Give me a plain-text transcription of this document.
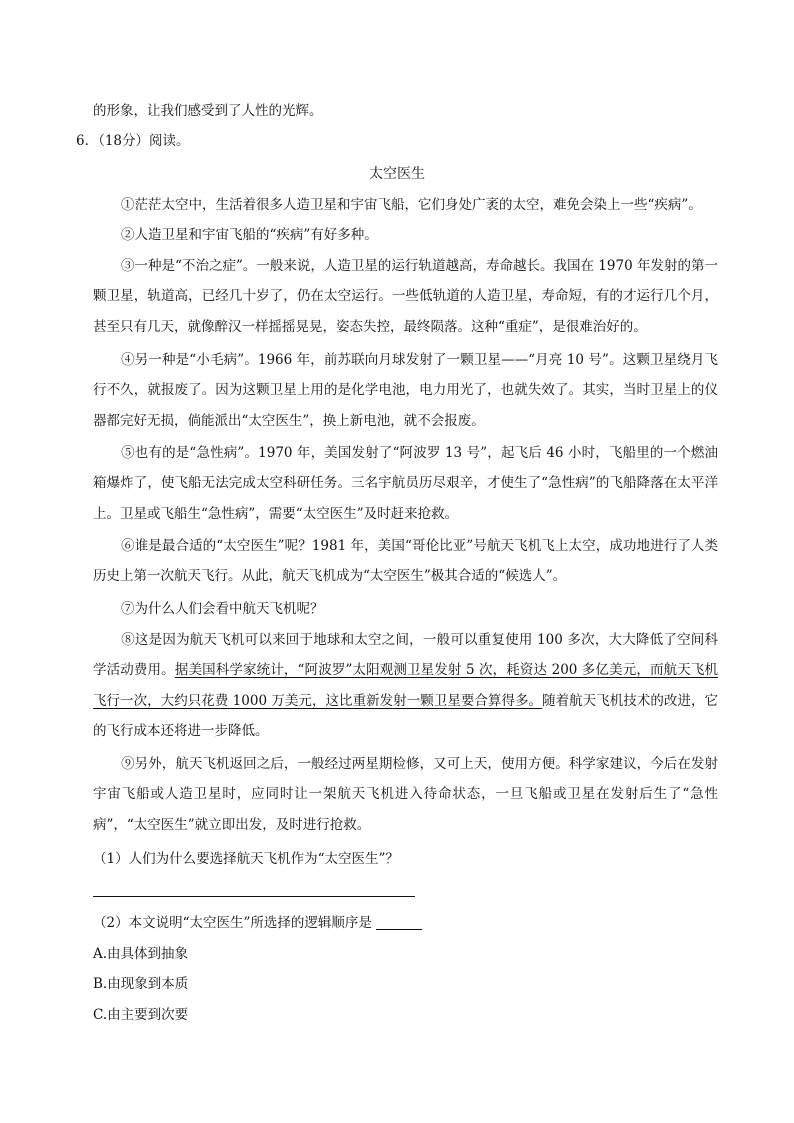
的形象，让我们感受到了人性的光辉。
6．（18分）阅读。
太空医生
①茫茫太空中，生活着很多人造卫星和宇宙飞船，它们身处广袤的太空，难免会染上一些“疾病”。
②人造卫星和宇宙飞船的“疾病”有好多种。
③一种是“不治之症”。一般来说，人造卫星的运行轨道越高，寿命越长。我国在 1970 年发射的第一颗卫星，轨道高，已经几十岁了，仍在太空运行。一些低轨道的人造卫星，寿命短，有的才运行几个月，甚至只有几天，就像醉汉一样摇摇晃晃，姿态失控，最终陨落。这种“重症”，是很难治好的。
④另一种是“小毛病”。1966 年，前苏联向月球发射了一颗卫星——“月亮 10 号”。这颗卫星绕月飞行不久，就报废了。因为这颗卫星上用的是化学电池，电力用光了，也就失效了。其实，当时卫星上的仪器都完好无损，倘能派出“太空医生”，换上新电池，就不会报废。
⑤也有的是“急性病”。1970 年，美国发射了“阿波罗 13 号”，起飞后 46 小时，飞船里的一个燃油箱爆炸了，使飞船无法完成太空科研任务。三名宇航员历尽艰辛，才使生了“急性病”的飞船降落在太平洋上。卫星或飞船生“急性病”，需要“太空医生”及时赶来抢救。
⑥谁是最合适的“太空医生”呢？1981 年，美国“哥伦比亚”号航天飞机飞上太空，成功地进行了人类历史上第一次航天飞行。从此，航天飞机成为“太空医生”极其合适的“候选人”。
⑦为什么人们会看中航天飞机呢？
⑧这是因为航天飞机可以来回于地球和太空之间，一般可以重复使用 100 多次，大大降低了空间科学活动费用。据美国科学家统计，“阿波罗”太阳观测卫星发射 5 次，耗资达 200 多亿美元，而航天飞机飞行一次，大约只花费 1000 万美元，这比重新发射一颗卫星要合算得多。随着航天飞机技术的改进，它的飞行成本还将进一步降低。
⑨另外，航天飞机返回之后，一般经过两星期检修，又可上天，使用方便。科学家建议，今后在发射宇宙飞船或人造卫星时，应同时让一架航天飞机进入待命状态，一旦飞船或卫星在发射后生了“急性病”，“太空医生”就立即出发，及时进行抢救。
（1）人们为什么要选择航天飞机作为“太空医生”？
（2）本文说明“太空医生”所选择的逻辑顺序是
A.由具体到抽象
B.由现象到本质
C.由主要到次要
